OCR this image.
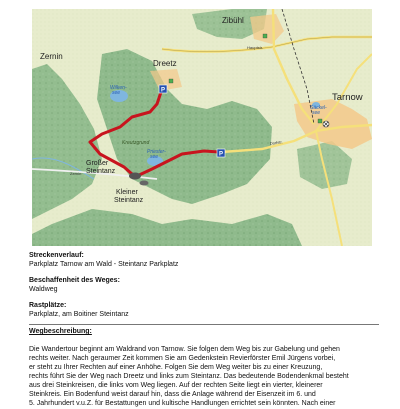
P
P
Zernin
Dreetz
Zibühl
Tarnow
Großer Steintanz
Kleiner Steintanz
Wilken- see
Priester- see
Säckel- see
Kreutzgrund
Hauptstr.
Dorfstr.
Zernin

Streckenverlauf:

Parkplatz Tarnow am Wald - Steintanz Parkplatz

Beschaffenheit des Weges:

Waldweg

Rastplätze:

Parkplatz, am Boitiner Steintanz

Wegbeschreibung:

Die Wandertour beginnt am Waldrand von Tarnow. Sie folgen dem Weg bis zur Gabelung und gehen

rechts weiter. Nach geraumer Zeit kommen Sie am Gedenkstein Revierförster Emil Jürgens vorbei,

er steht zu Ihrer Rechten auf einer Anhöhe. Folgen Sie dem Weg weiter bis zu einer Kreuzung,

rechts führt Sie der Weg nach Dreetz und links zum Steintanz. Das bedeutende Bodendenkmal besteht

aus drei Steinkreisen, die links vom Weg liegen. Auf der rechten Seite liegt ein vierter, kleinerer

Steinkreis. Ein Bodenfund weist darauf hin, dass die Anlage während der Eisenzeit im 6. und

5. Jahrhundert v.u.Z. für Bestattungen und kultische Handlungen errichtet sein könnten. Nach einer
